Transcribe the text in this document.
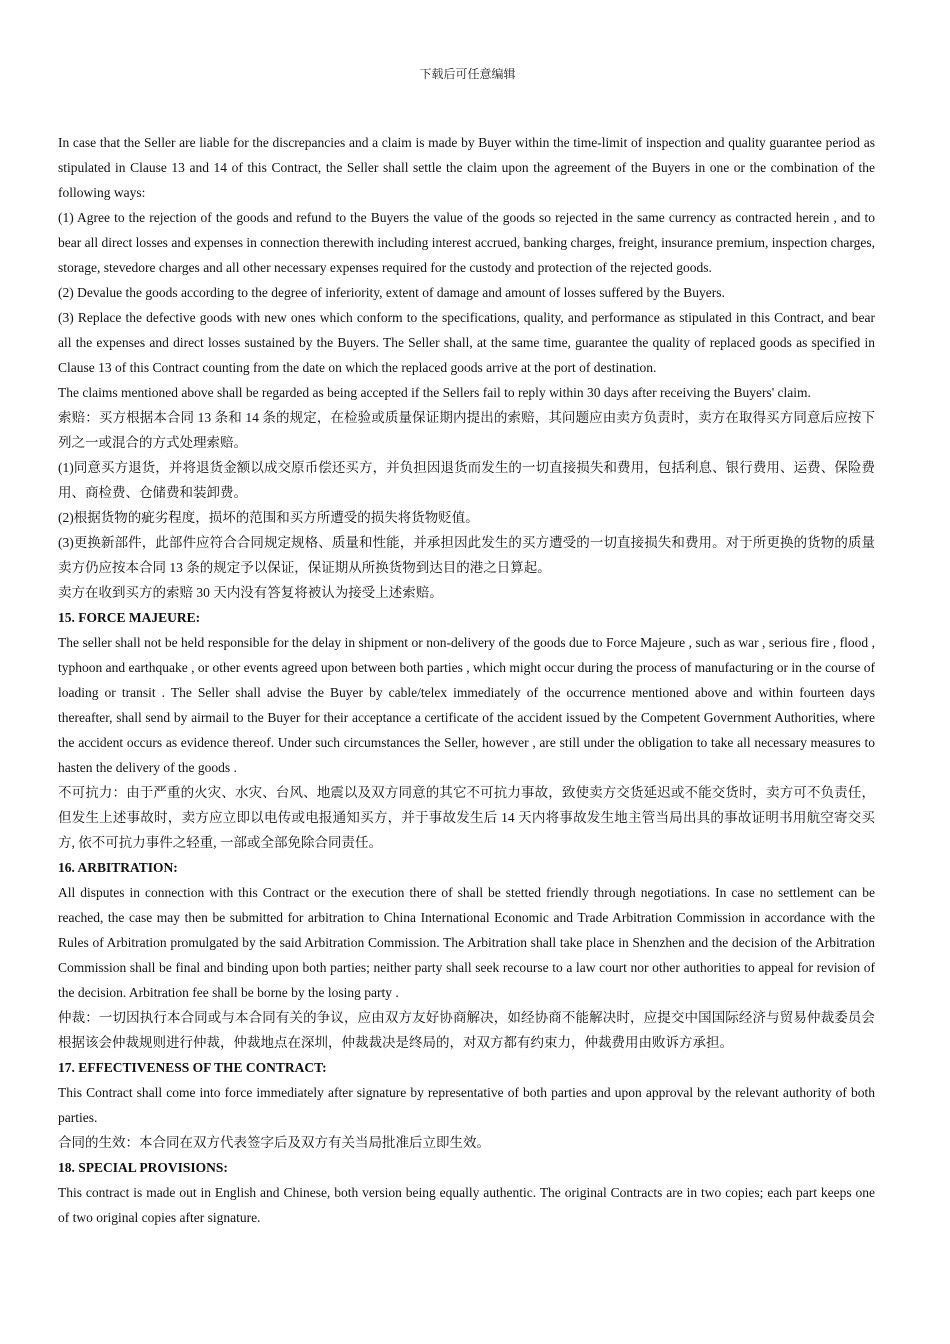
下载后可任意编辑

In case that the Seller are liable for the discrepancies and a claim is made by Buyer within the time-limit of inspection and quality guarantee period as stipulated in Clause 13 and 14 of this Contract, the Seller shall settle the claim upon the agreement of the Buyers in one or the combination of the following ways:

(1) Agree to the rejection of the goods and refund to the Buyers the value of the goods so rejected in the same currency as contracted herein , and to bear all direct losses and expenses in connection therewith including interest accrued, banking charges, freight, insurance premium, inspection charges, storage, stevedore charges and all other necessary expenses required for the custody and protection of the rejected goods.

(2) Devalue the goods according to the degree of inferiority, extent of damage and amount of losses suffered by the Buyers.

(3) Replace the defective goods with new ones which conform to the specifications, quality, and performance as stipulated in this Contract, and bear all the expenses and direct losses sustained by the Buyers. The Seller shall, at the same time, guarantee the quality of replaced goods as specified in Clause 13 of this Contract counting from the date on which the replaced goods arrive at the port of destination.

The claims mentioned above shall be regarded as being accepted if the Sellers fail to reply within 30 days after receiving the Buyers' claim.

索赔：买方根据本合同 13 条和 14 条的规定，在检验或质量保证期内提出的索赔，其问题应由卖方负责时，卖方在取得买方同意后应按下列之一或混合的方式处理索赔。

(1)同意买方退货，并将退货金额以成交原币偿还买方，并负担因退货而发生的一切直接损失和费用，包括利息、银行费用、运费、保险费用、商检费、仓储费和装卸费。

(2)根据货物的疵劣程度，损坏的范围和买方所遭受的损失将货物贬值。

(3)更换新部件，此部件应符合合同规定规格、质量和性能，并承担因此发生的买方遭受的一切直接损失和费用。对于所更换的货物的质量卖方仍应按本合同 13 条的规定予以保证，保证期从所换货物到达目的港之日算起。

卖方在收到买方的索赔 30 天内没有答复将被认为接受上述索赔。

15. FORCE MAJEURE:

The seller shall not be held responsible for the delay in shipment or non-delivery of the goods due to Force Majeure , such as war , serious fire , flood , typhoon and earthquake , or other events agreed upon between both parties , which might occur during the process of manufacturing or in the course of loading or transit . The Seller shall advise the Buyer by cable/telex immediately of the occurrence mentioned above and within fourteen days thereafter, shall send by airmail to the Buyer for their acceptance a certificate of the accident issued by the Competent Government Authorities, where the accident occurs as evidence thereof. Under such circumstances the Seller, however , are still under the obligation to take all necessary measures to hasten the delivery of the goods .

不可抗力：由于严重的火灾、水灾、台风、地震以及双方同意的其它不可抗力事故，致使卖方交货延迟或不能交货时，卖方可不负责任，但发生上述事故时，卖方应立即以电传或电报通知买方，并于事故发生后 14 天内将事故发生地主管当局出具的事故证明书用航空寄交买方, 依不可抗力事件之轻重, 一部或全部免除合同责任。

16. ARBITRATION:

All disputes in connection with this Contract or the execution there of shall be stetted friendly through negotiations. In case no settlement can be reached, the case may then be submitted for arbitration to China International Economic and Trade Arbitration Commission in accordance with the Rules of Arbitration promulgated by the said Arbitration Commission. The Arbitration shall take place in Shenzhen and the decision of the Arbitration Commission shall be final and binding upon both parties; neither party shall seek recourse to a law court nor other authorities to appeal for revision of the decision. Arbitration fee shall be borne by the losing party .

仲裁：一切因执行本合同或与本合同有关的争议，应由双方友好协商解决，如经协商不能解决时，应提交中国国际经济与贸易仲裁委员会根据该会仲裁规则进行仲裁，仲裁地点在深圳，仲裁裁决是终局的，对双方都有约束力，仲裁费用由败诉方承担。

17. EFFECTIVENESS OF THE CONTRACT:

This Contract shall come into force immediately after signature by representative of both parties and upon approval by the relevant authority of both parties.

合同的生效：本合同在双方代表签字后及双方有关当局批准后立即生效。

18. SPECIAL PROVISIONS:

This contract is made out in English and Chinese, both version being equally authentic. The original Contracts are in two copies; each part keeps one of two original copies after signature.
